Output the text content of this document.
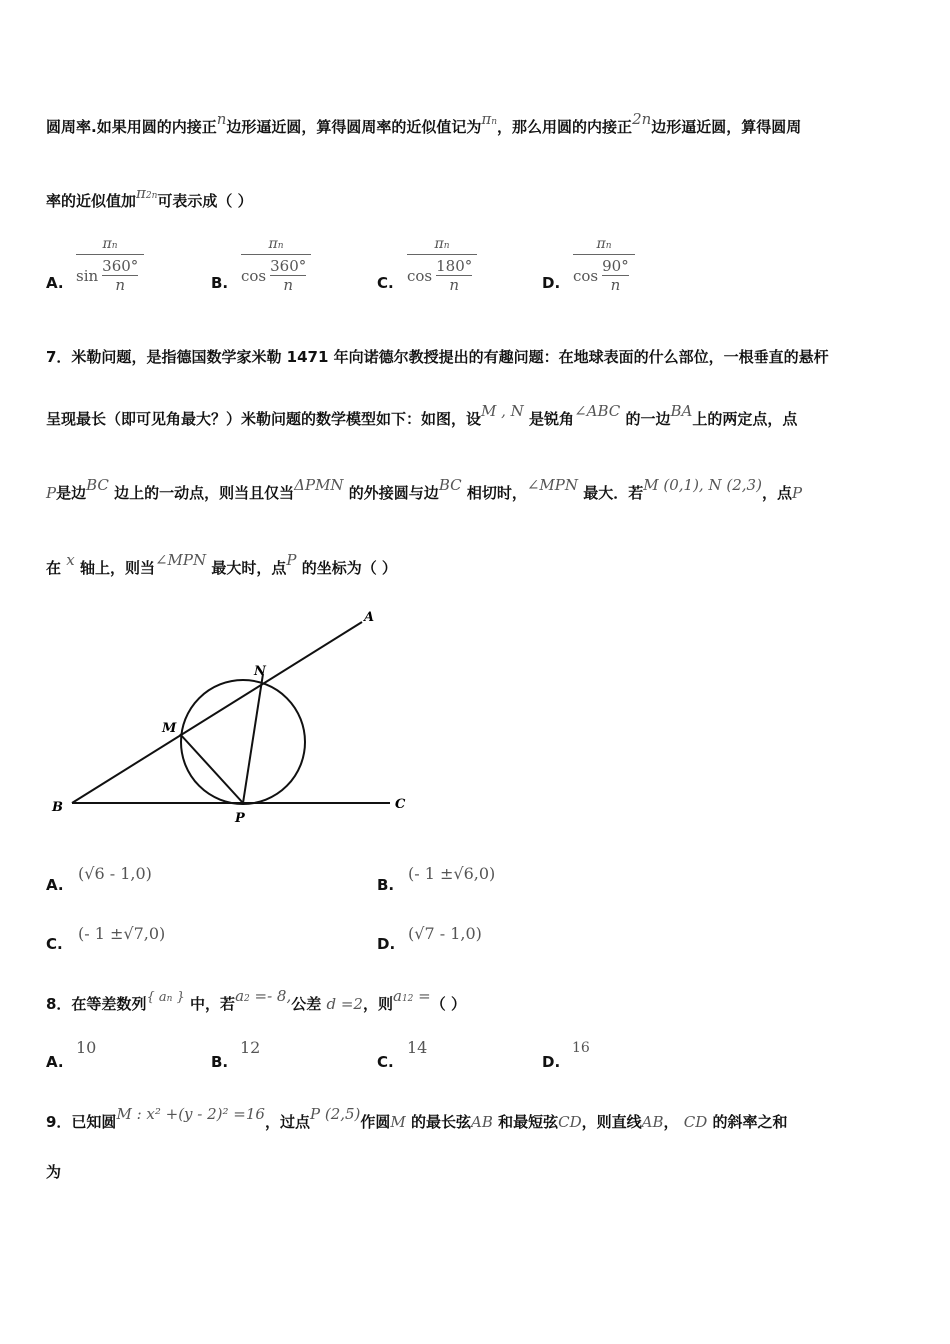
圆周率.如果用圆的内接正n边形逼近圆，算得圆周率的近似值记为πn，那么用圆的内接正2n边形逼近圆，算得圆周
率的近似值加π2n可表示成（ ）
A.
πn
sin
360°
n	B.
πn
cos
360°
n	C.
πn
cos
180°
n	D.
πn
cos
90°
n
7．米勒问题，是指德国数学家米勒 1471 年向诺德尔教授提出的有趣问题：在地球表面的什么部位，一根垂直的悬杆
呈现最长（即可见角最大？）米勒问题的数学模型如下：如图，设M , N 是锐角∠ABC 的一边BA上的两定点，点
P是边BC 边上的一动点，则当且仅当ΔPMN 的外接圆与边BC 相切时，∠MPN 最大．若M (0,1), N (2,3)，点P
在 x 轴上，则当∠MPN 最大时，点P 的坐标为（ ）
A
N
M
B
P
C
A.
(√6 - 1,0)
B.
(- 1 ±√6,0)
C.
(- 1 ±√7,0)
D.
(√7 - 1,0)
8．在等差数列{ an } 中，若a2 =- 8,公差 d =2，则a12 =（ ）
A.
10
B.
12
C.
14
D.
16
9．已知圆M : x² +(y - 2)² =16，过点P (2,5)作圆M 的最长弦AB 和最短弦CD，则直线AB， CD 的斜率之和
为
